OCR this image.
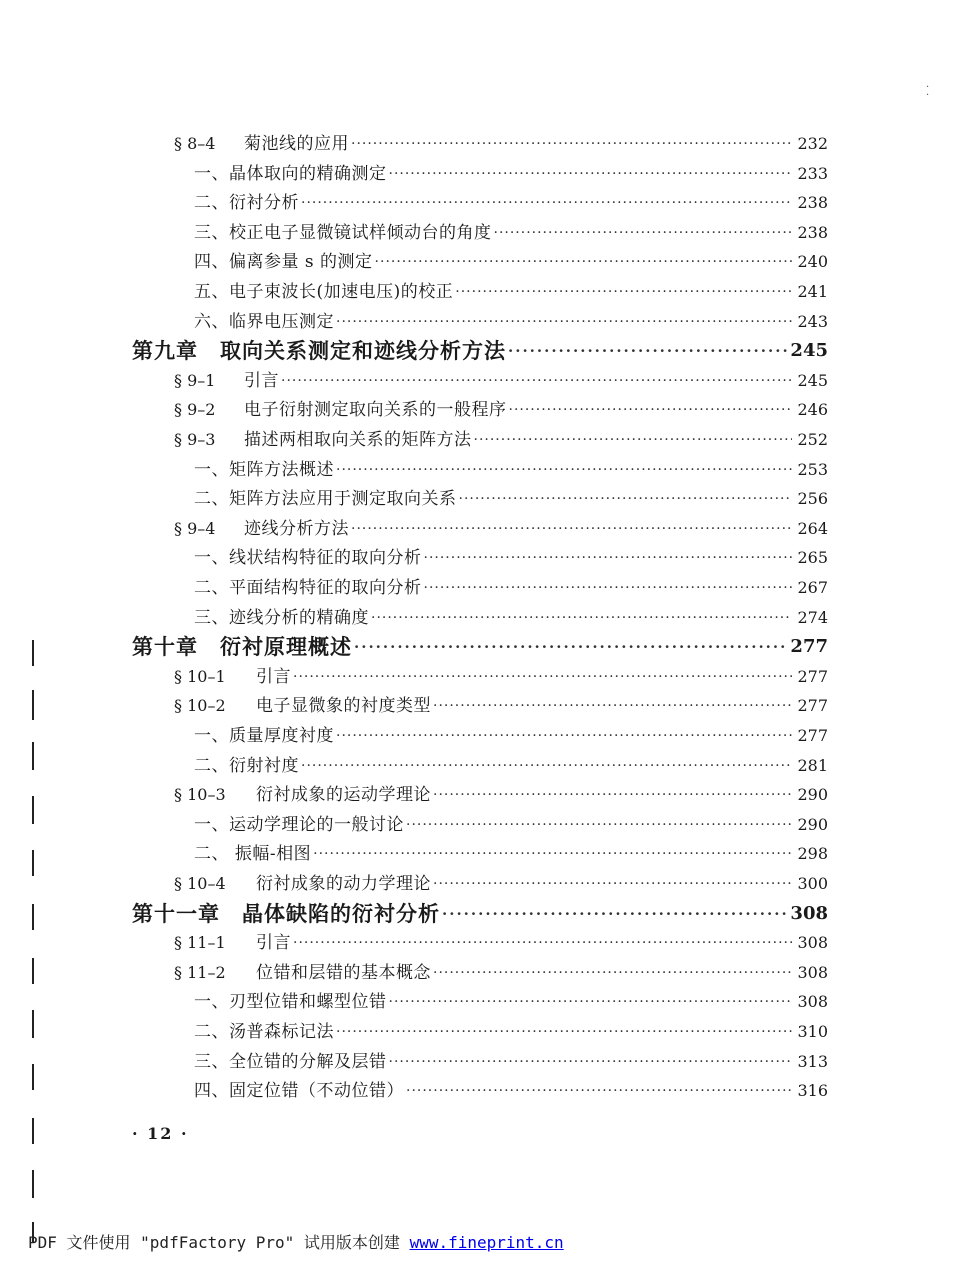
·
·
§ 8–4	菊池线的应用 ·····	232
一、晶体取向的精确测定 ·····	233
二、衍衬分析 ·····	238
三、校正电子显微镜试样倾动台的角度 ·····	238
四、偏离参量 s 的测定 ·····	240
五、电子束波长(加速电压)的校正 ·····	241
六、临界电压测定 ·····	243
第九章　取向关系测定和迹线分析方法 ·····	245
§ 9–1	引言 ·····	245
§ 9–2	电子衍射测定取向关系的一般程序 ·····	246
§ 9–3	描述两相取向关系的矩阵方法 ·····	252
一、矩阵方法概述 ·····	253
二、矩阵方法应用于测定取向关系 ·····	256
§ 9–4	迹线分析方法 ·····	264
一、线状结构特征的取向分析 ·····	265
二、平面结构特征的取向分析 ·····	267
三、迹线分析的精确度 ·····	274
第十章　衍衬原理概述 ·····	277
§ 10–1	引言 ·····	277
§ 10–2	电子显微象的衬度类型 ·····	277
一、质量厚度衬度 ·····	277
二、衍射衬度 ·····	281
§ 10–3	衍衬成象的运动学理论 ·····	290
一、运动学理论的一般讨论 ·····	290
二、 振幅-相图 ·····	298
§ 10–4	衍衬成象的动力学理论 ·····	300
第十一章　晶体缺陷的衍衬分析 ·····	308
§ 11–1	引言 ·····	308
§ 11–2	位错和层错的基本概念 ·····	308
一、刃型位错和螺型位错 ·····	308
二、汤普森标记法 ·····	310
三、全位错的分解及层错 ·····	313
四、固定位错（不动位错） ·····	316
· 12 ·
PDF 文件使用 "pdfFactory Pro" 试用版本创建 www.fineprint.cn
